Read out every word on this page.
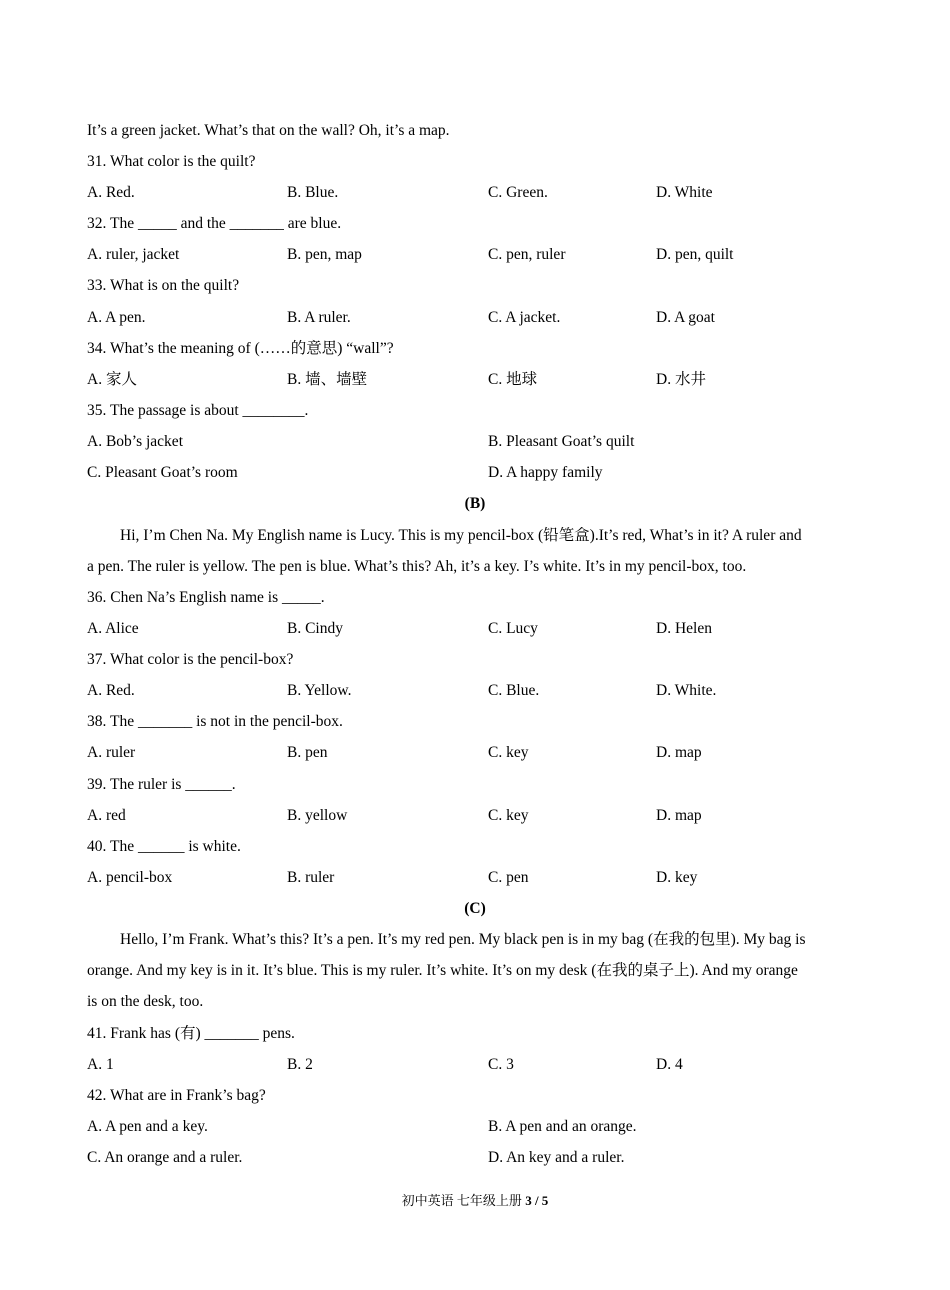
It’s a green jacket. What’s that on the wall? Oh, it’s a map.
31. What color is the quilt?
A. Red.	B. Blue.	C. Green.	D. White
32. The _____ and the _______ are blue.
A. ruler, jacket	B. pen, map	C. pen, ruler	D. pen, quilt
33. What is on the quilt?
A. A pen.	B. A ruler.	C. A jacket.	D. A goat
34. What’s the meaning of (……的意思) “wall”?
A. 家人	B. 墙、墙壁	C. 地球	D. 水井
35. The passage is about ________.
A. Bob’s jacket	B. Pleasant Goat’s quilt
C. Pleasant Goat’s room	D. A happy family
(B)
Hi, I’m Chen Na. My English name is Lucy. This is my pencil-box (铅笔盒).It’s red, What’s in it? A ruler and
a pen. The ruler is yellow. The pen is blue. What’s this? Ah, it’s a key. I’s white. It’s in my pencil-box, too.
36. Chen Na’s English name is _____.
A. Alice	B. Cindy	C. Lucy	D. Helen
37. What color is the pencil-box?
A. Red.	B. Yellow.	C. Blue.	D. White.
38. The _______ is not in the pencil-box.
A. ruler	B. pen	C. key	D. map
39. The ruler is ______.
A. red	B. yellow	C. key	D. map
40. The ______ is white.
A. pencil-box	B. ruler	C. pen	D. key
(C)
Hello, I’m Frank. What’s this? It’s a pen. It’s my red pen. My black pen is in my bag (在我的包里). My bag is
orange. And my key is in it. It’s blue. This is my ruler. It’s white. It’s on my desk (在我的桌子上). And my orange
is on the desk, too.
41. Frank has (有) _______ pens.
A. 1	B. 2	C. 3	D. 4
42. What are in Frank’s bag?
A. A pen and a key.	B. A pen and an orange.
C. An orange and a ruler.	D. An key and a ruler.
初中英语 七年级上册 3 / 5
